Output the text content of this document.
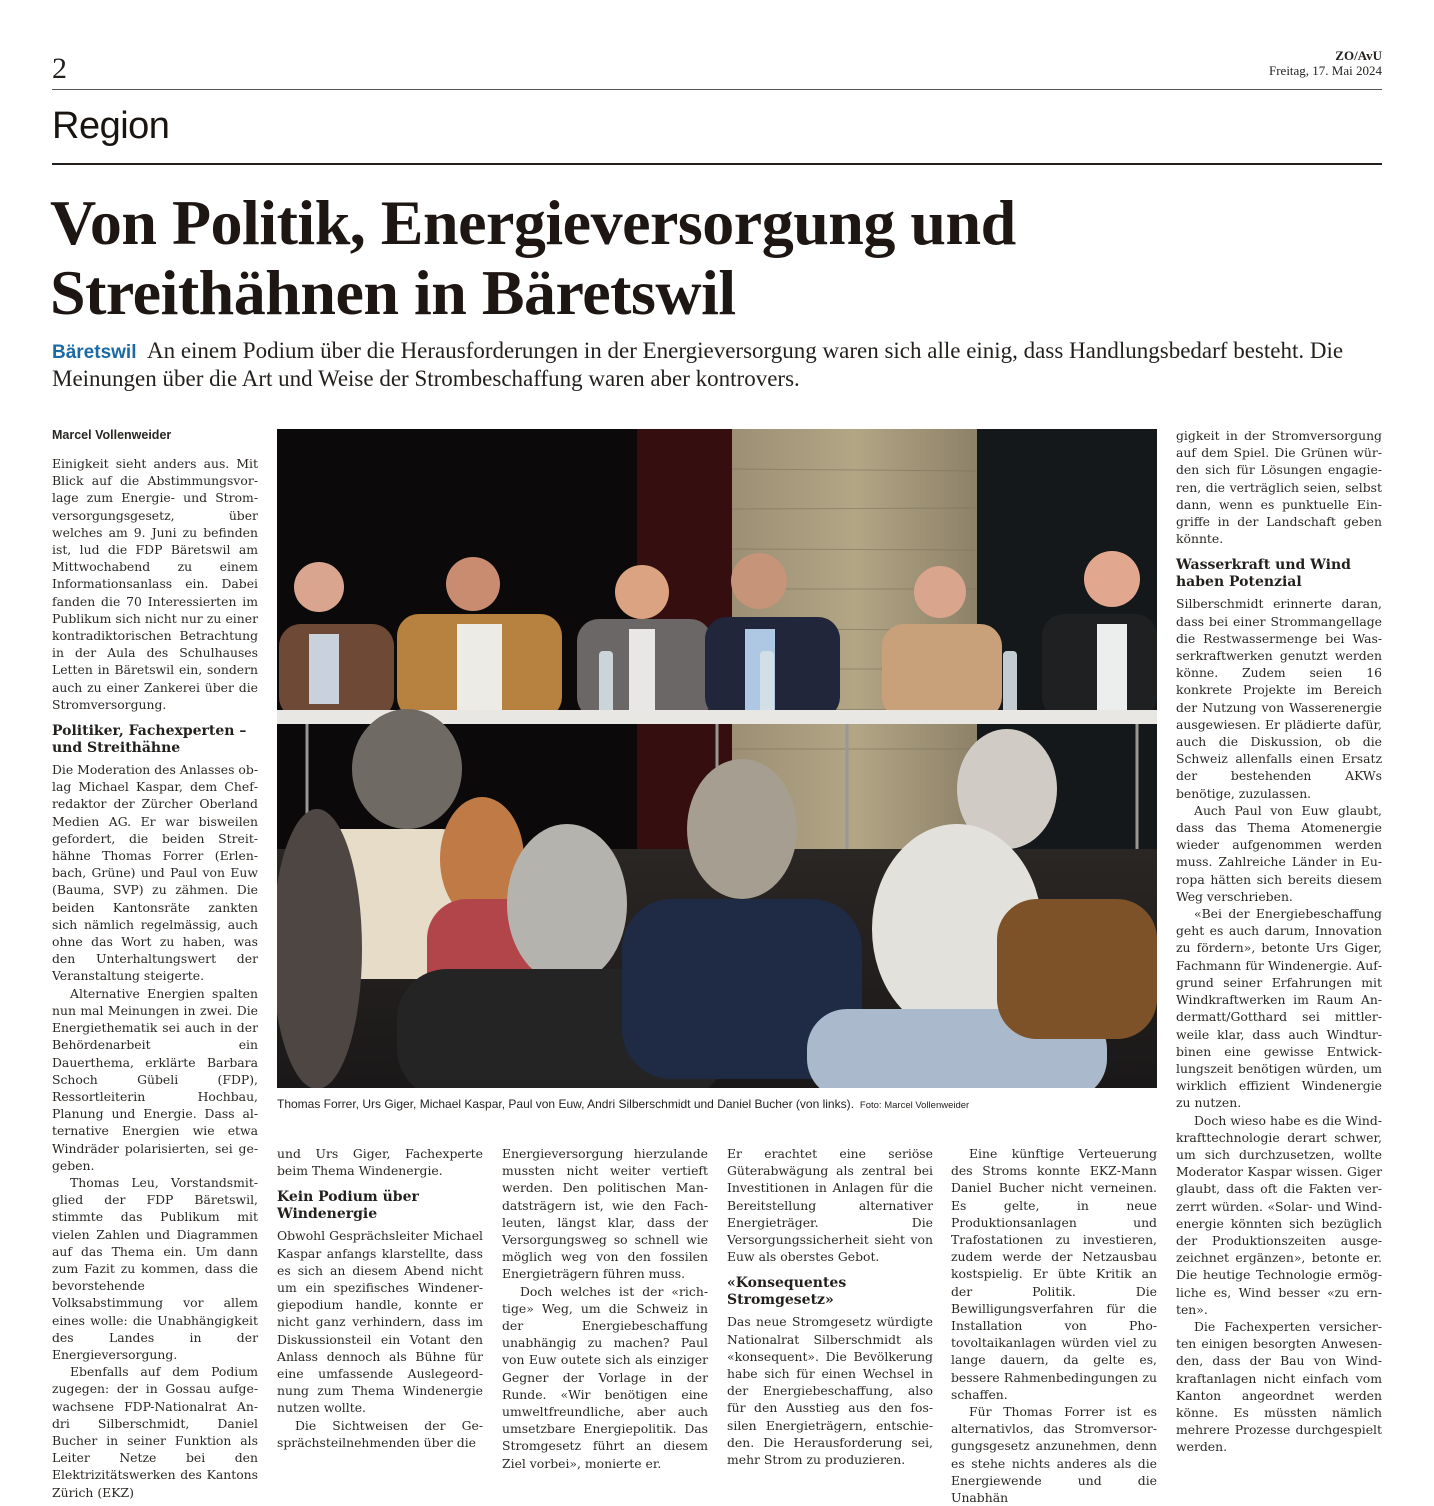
2	ZO/AvU
Freitag, 17. Mai 2024
Region
Von Politik, Energieversorgung und Streithähnen in Bäretswil
Bäretswil An einem Podium über die Herausforderungen in der Energieversorgung waren sich alle einig, dass Handlungsbedarf besteht. Die Meinungen über die Art und Weise der Strombeschaffung waren aber kontrovers.
Thomas Forrer, Urs Giger, Michael Kaspar, Paul von Euw, Andri Silberschmidt und Daniel Bucher (von links). Foto: Marcel Vollenweider

Marcel Vollenweider

Einigkeit sieht anders aus. Mit Blick auf die Abstimmungsvorlage zum Energie- und Stromversorgungsgesetz, über welches am 9. Juni zu befinden ist, lud die FDP Bäretswil am Mittwochabend zu einem Informationsanlass ein. Dabei fanden die 70 Interessierten im Publikum sich nicht nur zu einer kontradiktorischen Betrachtung in der Aula des Schulhauses Letten in Bäretswil ein, sondern auch zu einer Zankerei über die Stromversorgung.

Politiker, Fachexperten – und Streithähne

Die Moderation des Anlasses oblag Michael Kaspar, dem Chefredaktor der Zürcher Oberland Medien AG. Er war bisweilen gefordert, die beiden Streithähne Thomas Forrer (Erlenbach, Grüne) und Paul von Euw (Bauma, SVP) zu zähmen. Die beiden Kantonsräte zankten sich nämlich regelmässig, auch ohne das Wort zu haben, was den Unterhaltungswert der Veranstaltung steigerte.

Alternative Energien spalten nun mal Meinungen in zwei. Die Energiethematik sei auch in der Behördenarbeit ein Dauerthema, erklärte Barbara Schoch Gübeli (FDP), Ressortleiterin Hochbau, Planung und Energie. Dass alternative Energien wie etwa Windräder polarisierten, sei gegeben.

Thomas Leu, Vorstandsmitglied der FDP Bäretswil, stimmte das Publikum mit vielen Zahlen und Diagrammen auf das Thema ein. Um dann zum Fazit zu kommen, dass die bevorstehende Volksabstimmung vor allem eines wolle: die Unabhängigkeit des Landes in der Energieversorgung.

Ebenfalls auf dem Podium zugegen: der in Gossau aufgewachsene FDP-Nationalrat Andri Silberschmidt, Daniel Bucher in seiner Funktion als Leiter Netze bei den Elektrizitätswerken des Kantons Zürich (EKZ)

und Urs Giger, Fachexperte beim Thema Windenergie.

Kein Podium über Windenergie

Obwohl Gesprächsleiter Michael Kaspar anfangs klarstellte, dass es sich an diesem Abend nicht um ein spezifisches Windenergiepodium handle, konnte er nicht ganz verhindern, dass im Diskussionsteil ein Votant den Anlass dennoch als Bühne für eine umfassende Auslegeordnung zum Thema Windenergie nutzen wollte.

Die Sichtweisen der Gesprächsteilnehmenden über die

Energieversorgung hierzulande mussten nicht weiter vertieft werden. Den politischen Mandatsträgern ist, wie den Fachleuten, längst klar, dass der Versorgungsweg so schnell wie möglich weg von den fossilen Energieträgern führen muss.

Doch welches ist der «richtige» Weg, um die Schweiz in der Energiebeschaffung unabhängig zu machen? Paul von Euw outete sich als einziger Gegner der Vorlage in der Runde. «Wir benötigen eine umweltfreundliche, aber auch umsetzbare Energiepolitik. Das Stromgesetz führt an diesem Ziel vorbei», monierte er.

Er erachtet eine seriöse Güterabwägung als zentral bei Investitionen in Anlagen für die Bereitstellung alternativer Energieträger. Die Versorgungssicherheit sieht von Euw als oberstes Gebot.

«Konsequentes Stromgesetz»

Das neue Stromgesetz würdigte Nationalrat Silberschmidt als «konsequent». Die Bevölkerung habe sich für einen Wechsel in der Energiebeschaffung, also für den Ausstieg aus den fossilen Energieträgern, entschieden. Die Herausforderung sei, mehr Strom zu produzieren.

Eine künftige Verteuerung des Stroms konnte EKZ-Mann Daniel Bucher nicht verneinen. Es gelte, in neue Produktionsanlagen und Trafostationen zu investieren, zudem werde der Netzausbau kostspielig. Er übte Kritik an der Politik. Die Bewilligungsverfahren für die Installation von Photovoltaikanlagen würden viel zu lange dauern, da gelte es, bessere Rahmenbedingungen zu schaffen.

Für Thomas Forrer ist es alternativlos, das Stromversorgungsgesetz anzunehmen, denn es stehe nichts anderes als die Energiewende und die Unabhän

gigkeit in der Stromversorgung auf dem Spiel. Die Grünen würden sich für Lösungen engagieren, die verträglich seien, selbst dann, wenn es punktuelle Eingriffe in der Landschaft geben könnte.

Wasserkraft und Wind haben Potenzial

Silberschmidt erinnerte daran, dass bei einer Strommangellage die Restwassermenge bei Wasserkraftwerken genutzt werden könne. Zudem seien 16 konkrete Projekte im Bereich der Nutzung von Wasserenergie ausgewiesen. Er plädierte dafür, auch die Diskussion, ob die Schweiz allenfalls einen Ersatz der bestehenden AKWs benötige, zuzulassen.

Auch Paul von Euw glaubt, dass das Thema Atomenergie wieder aufgenommen werden muss. Zahlreiche Länder in Europa hätten sich bereits diesem Weg verschrieben.

«Bei der Energiebeschaffung geht es auch darum, Innovation zu fördern», betonte Urs Giger, Fachmann für Windenergie. Aufgrund seiner Erfahrungen mit Windkraftwerken im Raum Andermatt/Gotthard sei mittlerweile klar, dass auch Windturbinen eine gewisse Entwicklungszeit benötigen würden, um wirklich effizient Windenergie zu nutzen.

Doch wieso habe es die Windkrafttechnologie derart schwer, um sich durchzusetzen, wollte Moderator Kaspar wissen. Giger glaubt, dass oft die Fakten verzerrt würden. «Solar- und Windenergie könnten sich bezüglich der Produktionszeiten ausgezeichnet ergänzen», betonte er. Die heutige Technologie ermögliche es, Wind besser «zu ernten».

Die Fachexperten versicherten einigen besorgten Anwesenden, dass der Bau von Windkraftanlagen nicht einfach vom Kanton angeordnet werden könne. Es müssten nämlich mehrere Prozesse durchgespielt werden.
